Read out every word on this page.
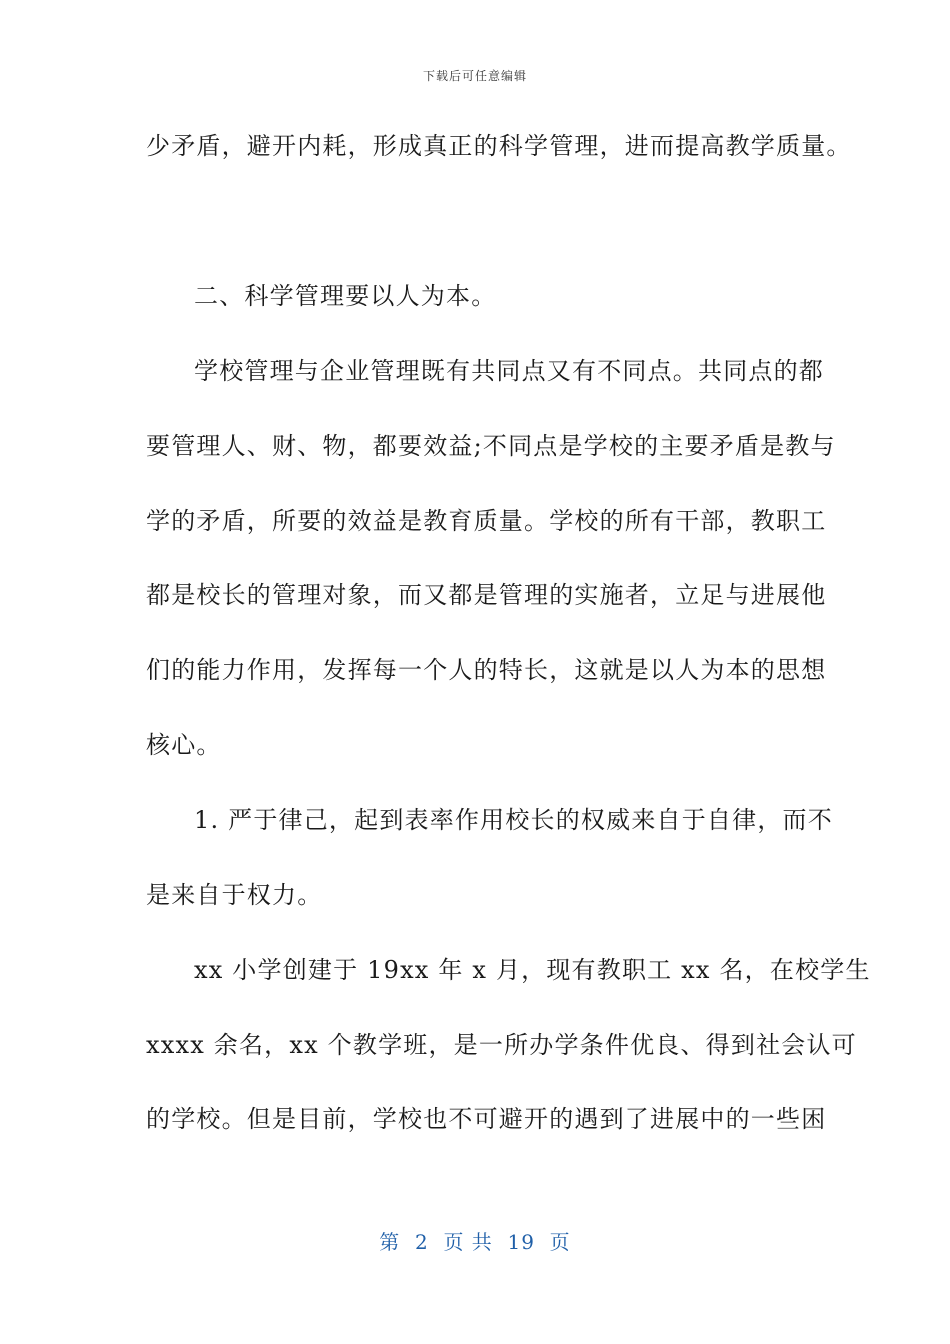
下载后可任意编辑
少矛盾，避开内耗，形成真正的科学管理，进而提高教学质量。
二、科学管理要以人为本。
学校管理与企业管理既有共同点又有不同点。共同点的都
要管理人、财、物，都要效益;不同点是学校的主要矛盾是教与
学的矛盾，所要的效益是教育质量。学校的所有干部，教职工
都是校长的管理对象，而又都是管理的实施者，立足与进展他
们的能力作用，发挥每一个人的特长，这就是以人为本的思想
核心。
1. 严于律己，起到表率作用校长的权威来自于自律，而不
是来自于权力。
xx 小学创建于 19xx 年 x 月，现有教职工 xx 名，在校学生
xxxx 余名，xx 个教学班，是一所办学条件优良、得到社会认可
的学校。但是目前，学校也不可避开的遇到了进展中的一些困
第  2  页 共  19  页
